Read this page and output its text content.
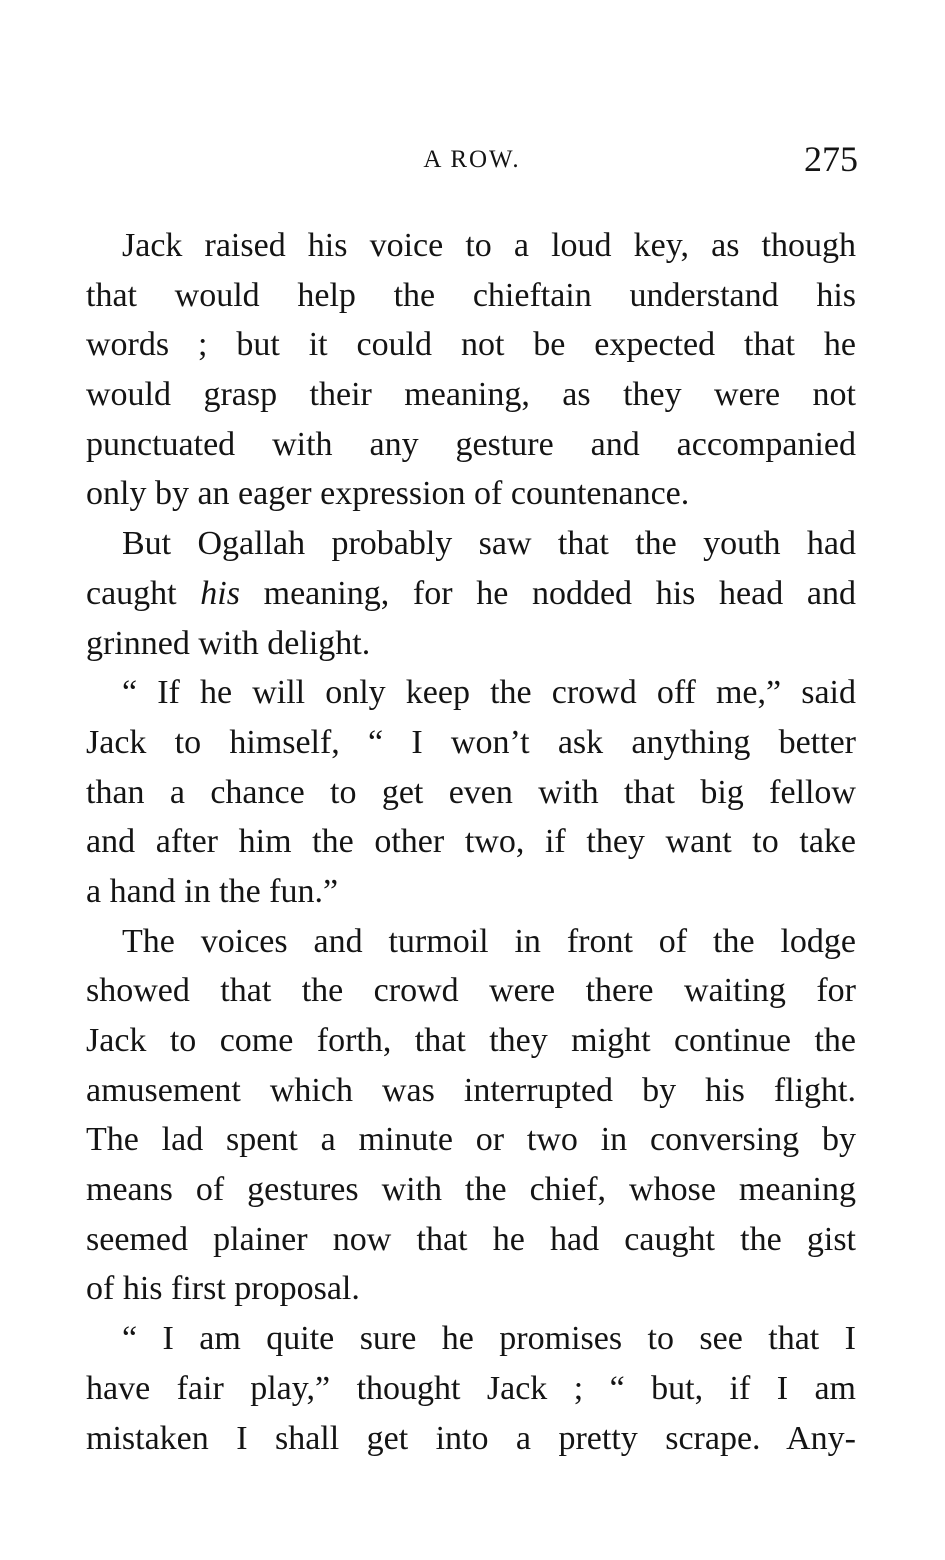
A ROW.	275

Jack raised his voice to a loud key, as though
that would help the chieftain understand his
words ; but it could not be expected that he
would grasp their meaning, as they were not
punctuated with any gesture and accompanied
only by an eager expression of countenance.

But Ogallah probably saw that the youth had
caught his meaning, for he nodded his head and
grinned with delight.

“ If he will only keep the crowd off me,” said
Jack to himself, “ I won’t ask anything better
than a chance to get even with that big fellow
and after him the other two, if they want to take
a hand in the fun.”

The voices and turmoil in front of the lodge
showed that the crowd were there waiting for
Jack to come forth, that they might continue the
amusement which was interrupted by his flight.
The lad spent a minute or two in conversing by
means of gestures with the chief, whose meaning
seemed plainer now that he had caught the gist
of his first proposal.

“ I am quite sure he promises to see that I
have fair play,” thought Jack ; “ but, if I am
mistaken I shall get into a pretty scrape. Any-
